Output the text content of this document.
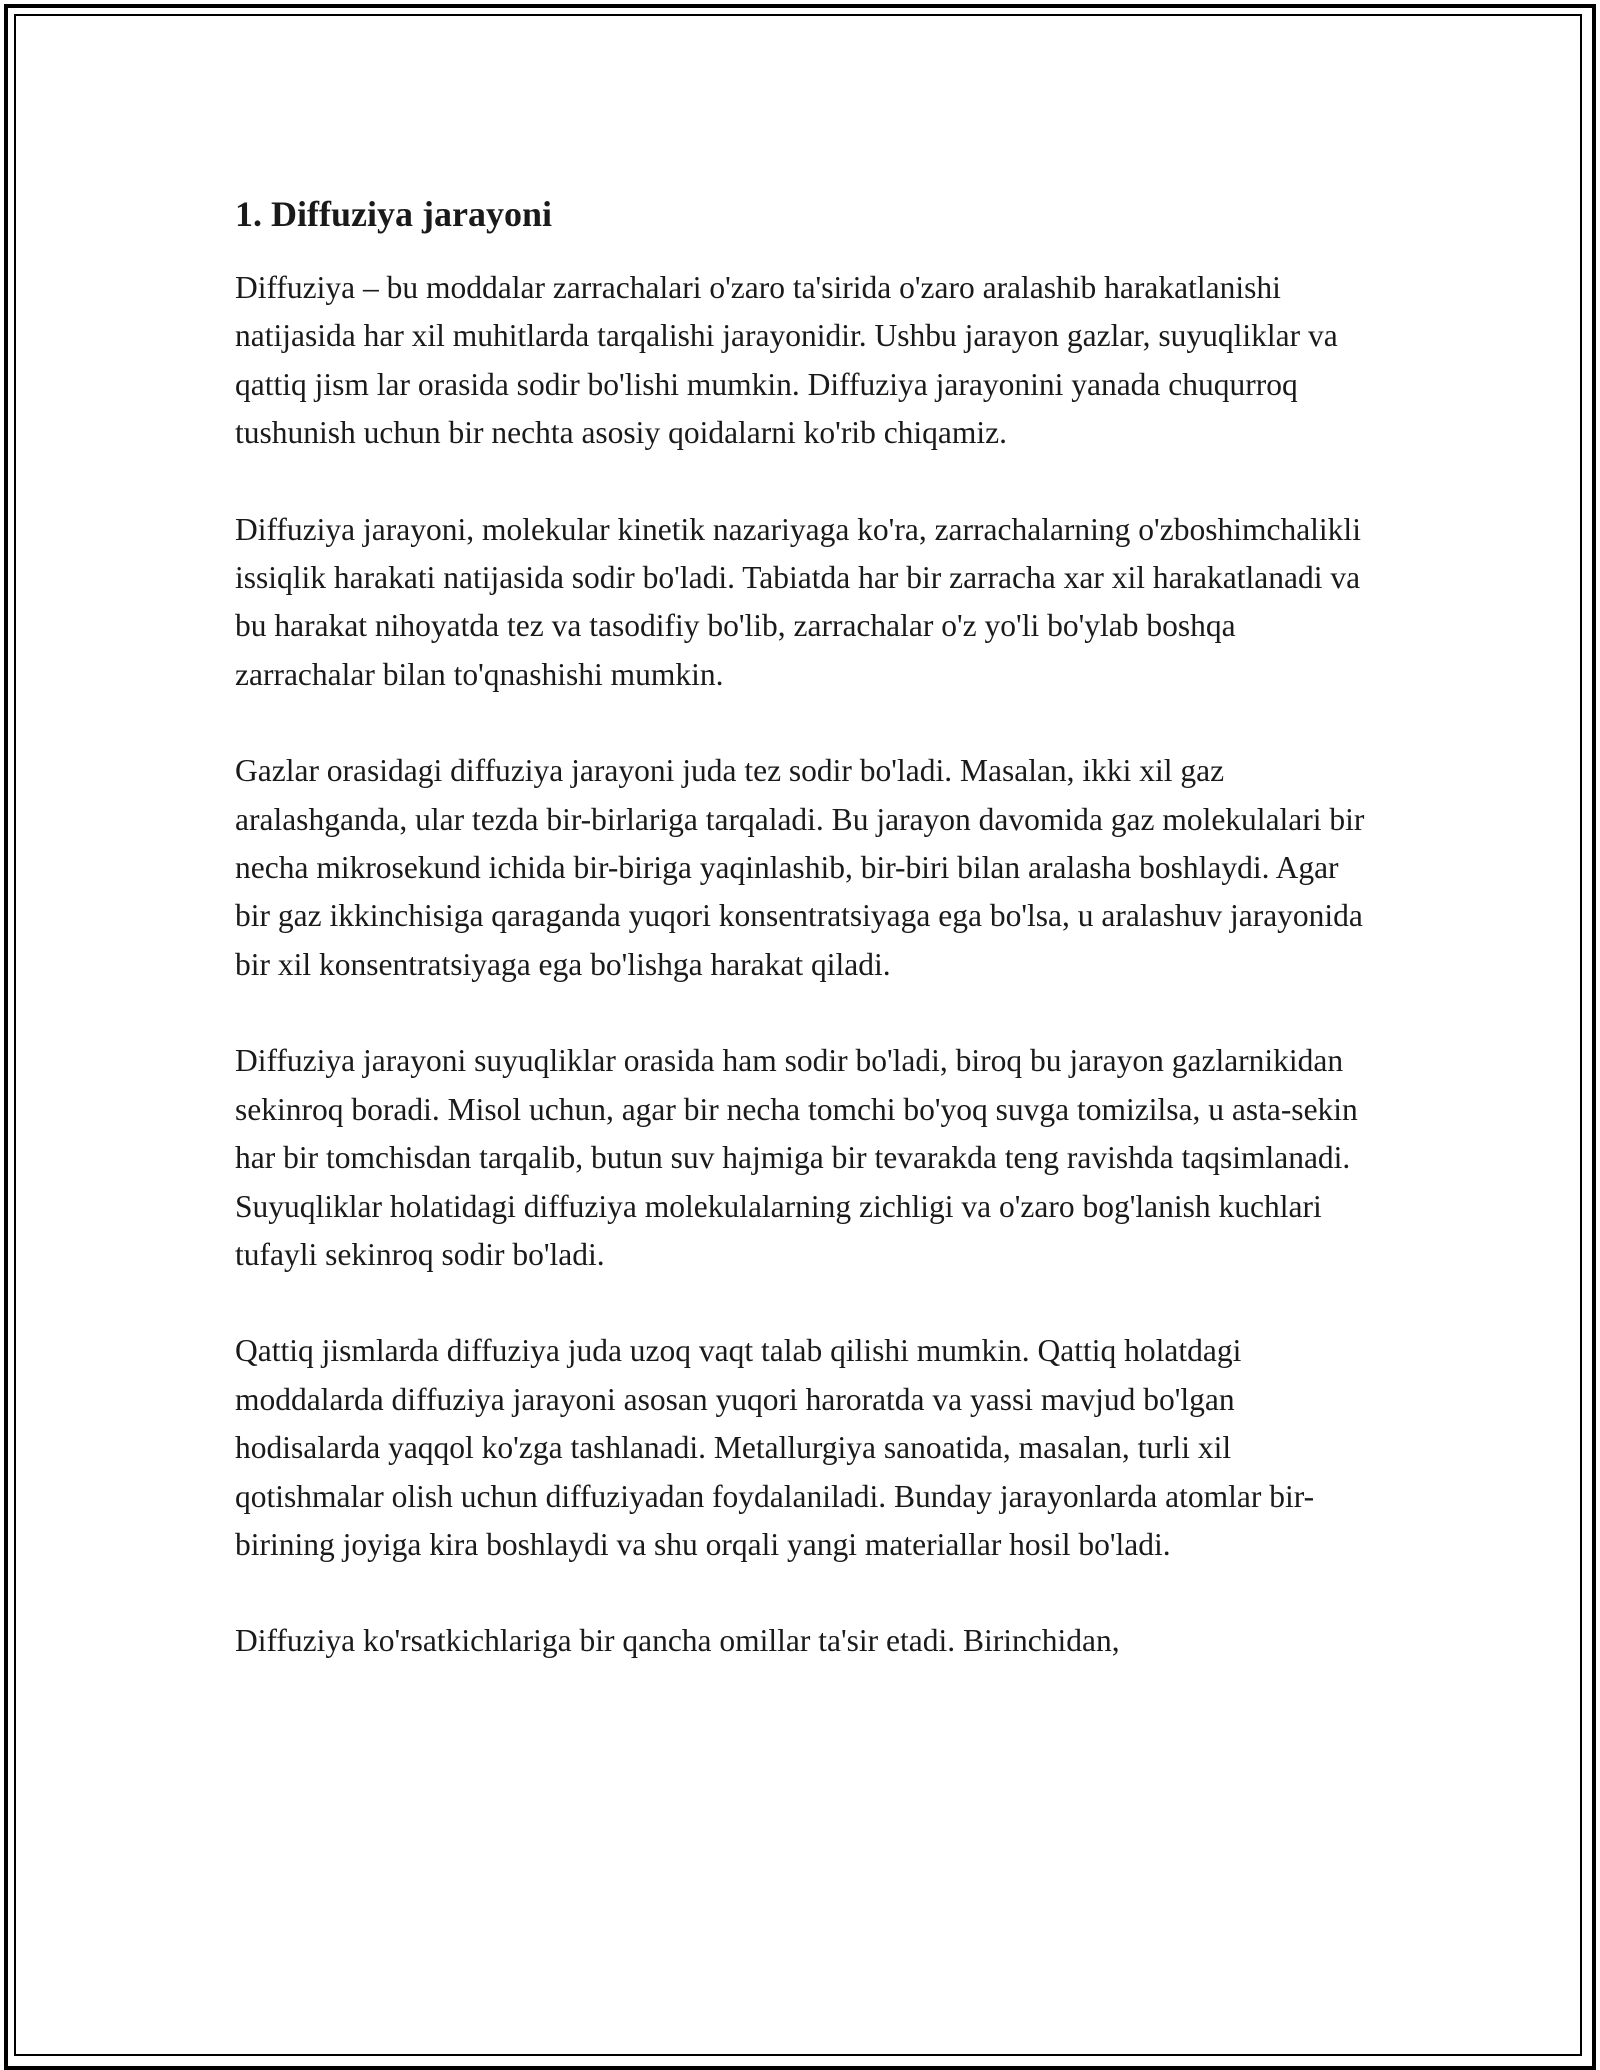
1. Diffuziya jarayoni

Diffuziya – bu moddalar zarrachalari o'zaro ta'sirida o'zaro aralashib harakatlanishi natijasida har xil muhitlarda tarqalishi jarayonidir. Ushbu jarayon gazlar, suyuqliklar va qattiq jism lar orasida sodir bo'lishi mumkin. Diffuziya jarayonini yanada chuqurroq tushunish uchun bir nechta asosiy qoidalarni ko'rib chiqamiz.

Diffuziya jarayoni, molekular kinetik nazariyaga ko'ra, zarrachalarning o'zboshimchalikli issiqlik harakati natijasida sodir bo'ladi. Tabiatda har bir zarracha xar xil harakatlanadi va bu harakat nihoyatda tez va tasodifiy bo'lib, zarrachalar o'z yo'li bo'ylab boshqa zarrachalar bilan to'qnashishi mumkin.

Gazlar orasidagi diffuziya jarayoni juda tez sodir bo'ladi. Masalan, ikki xil gaz aralashganda, ular tezda bir-birlariga tarqaladi. Bu jarayon davomida gaz molekulalari bir necha mikrosekund ichida bir-biriga yaqinlashib, bir-biri bilan aralasha boshlaydi. Agar bir gaz ikkinchisiga qaraganda yuqori konsentratsiyaga ega bo'lsa, u aralashuv jarayonida bir xil konsentratsiyaga ega bo'lishga harakat qiladi.

Diffuziya jarayoni suyuqliklar orasida ham sodir bo'ladi, biroq bu jarayon gazlarnikidan sekinroq boradi. Misol uchun, agar bir necha tomchi bo'yoq suvga tomizilsa, u asta-sekin har bir tomchisdan tarqalib, butun suv hajmiga bir tevarakda teng ravishda taqsimlanadi. Suyuqliklar holatidagi diffuziya molekulalarning zichligi va o'zaro bog'lanish kuchlari tufayli sekinroq sodir bo'ladi.

Qattiq jismlarda diffuziya juda uzoq vaqt talab qilishi mumkin. Qattiq holatdagi moddalarda diffuziya jarayoni asosan yuqori haroratda va yassi mavjud bo'lgan hodisalarda yaqqol ko'zga tashlanadi. Metallurgiya sanoatida, masalan, turli xil qotishmalar olish uchun diffuziyadan foydalaniladi. Bunday jarayonlarda atomlar bir-birining joyiga kira boshlaydi va shu orqali yangi materiallar hosil bo'ladi.

Diffuziya ko'rsatkichlariga bir qancha omillar ta'sir etadi. Birinchidan,
